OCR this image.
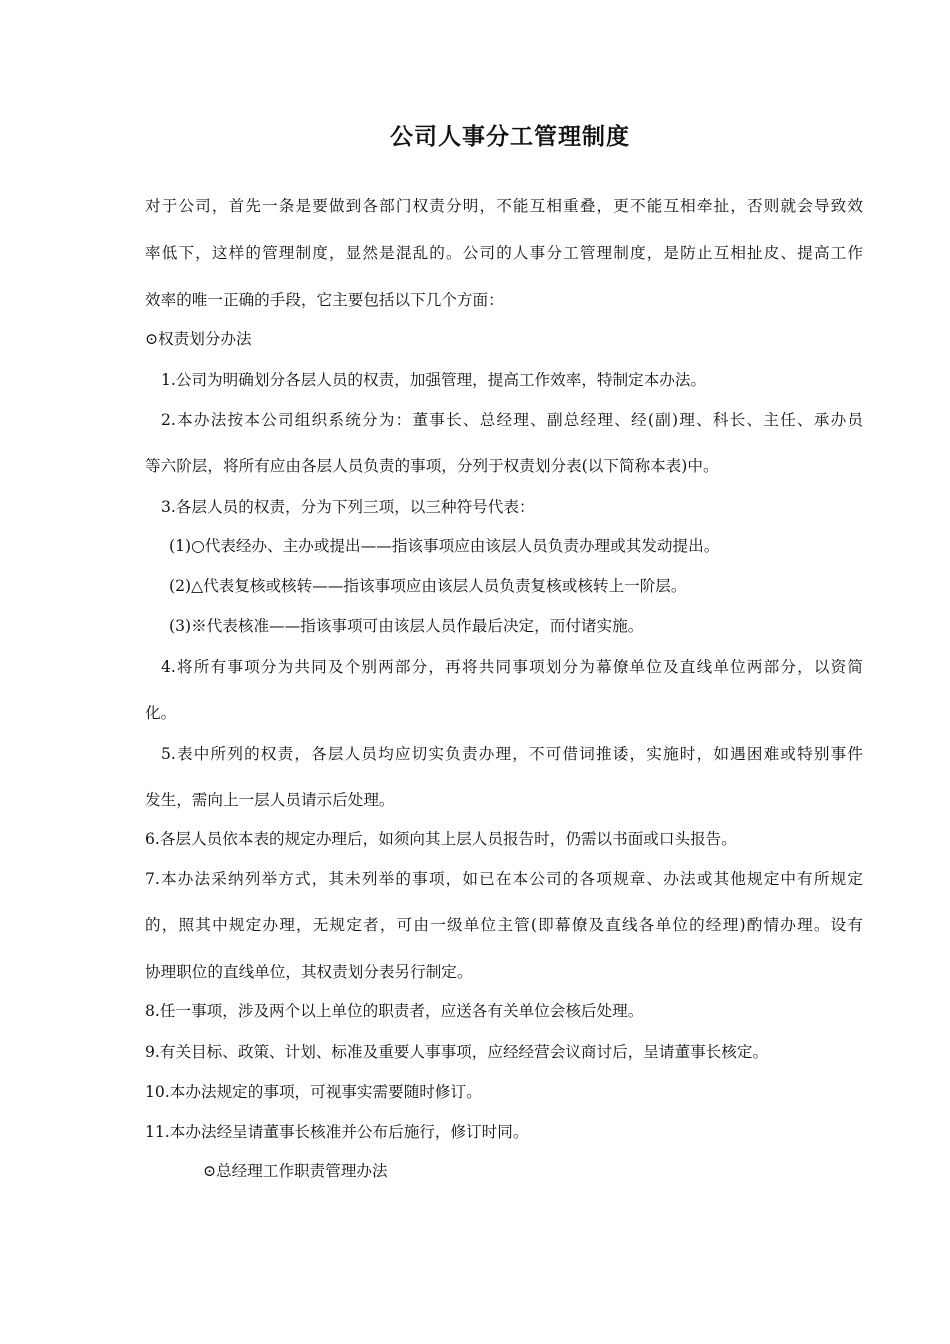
公司人事分工管理制度
对于公司，首先一条是要做到各部门权责分明，不能互相重叠，更不能互相牵扯，否则就会导致效
率低下，这样的管理制度，显然是混乱的。公司的人事分工管理制度，是防止互相扯皮、提高工作
效率的唯一正确的手段，它主要包括以下几个方面：
⊙权责划分办法
1.公司为明确划分各层人员的权责，加强管理，提高工作效率，特制定本办法。
2.本办法按本公司组织系统分为：董事长、总经理、副总经理、经(副)理、科长、主任、承办员
等六阶层，将所有应由各层人员负责的事项，分列于权责划分表(以下简称本表)中。
3.各层人员的权责，分为下列三项，以三种符号代表：
(1)○代表经办、主办或提出——指该事项应由该层人员负责办理或其发动提出。
(2)△代表复核或核转——指该事项应由该层人员负责复核或核转上一阶层。
(3)※代表核准——指该事项可由该层人员作最后决定，而付诸实施。
4.将所有事项分为共同及个别两部分，再将共同事项划分为幕僚单位及直线单位两部分，以资简
化。
5.表中所列的权责，各层人员均应切实负责办理，不可借词推诿，实施时，如遇困难或特别事件
发生，需向上一层人员请示后处理。
6.各层人员依本表的规定办理后，如须向其上层人员报告时，仍需以书面或口头报告。
7.本办法采纳列举方式，其未列举的事项，如已在本公司的各项规章、办法或其他规定中有所规定
的，照其中规定办理，无规定者，可由一级单位主管(即幕僚及直线各单位的经理)酌情办理。设有
协理职位的直线单位，其权责划分表另行制定。
8.任一事项，涉及两个以上单位的职责者，应送各有关单位会核后处理。
9.有关目标、政策、计划、标准及重要人事事项，应经经营会议商讨后，呈请董事长核定。
10.本办法规定的事项，可视事实需要随时修订。
11.本办法经呈请董事长核准并公布后施行，修订时同。
⊙总经理工作职责管理办法
